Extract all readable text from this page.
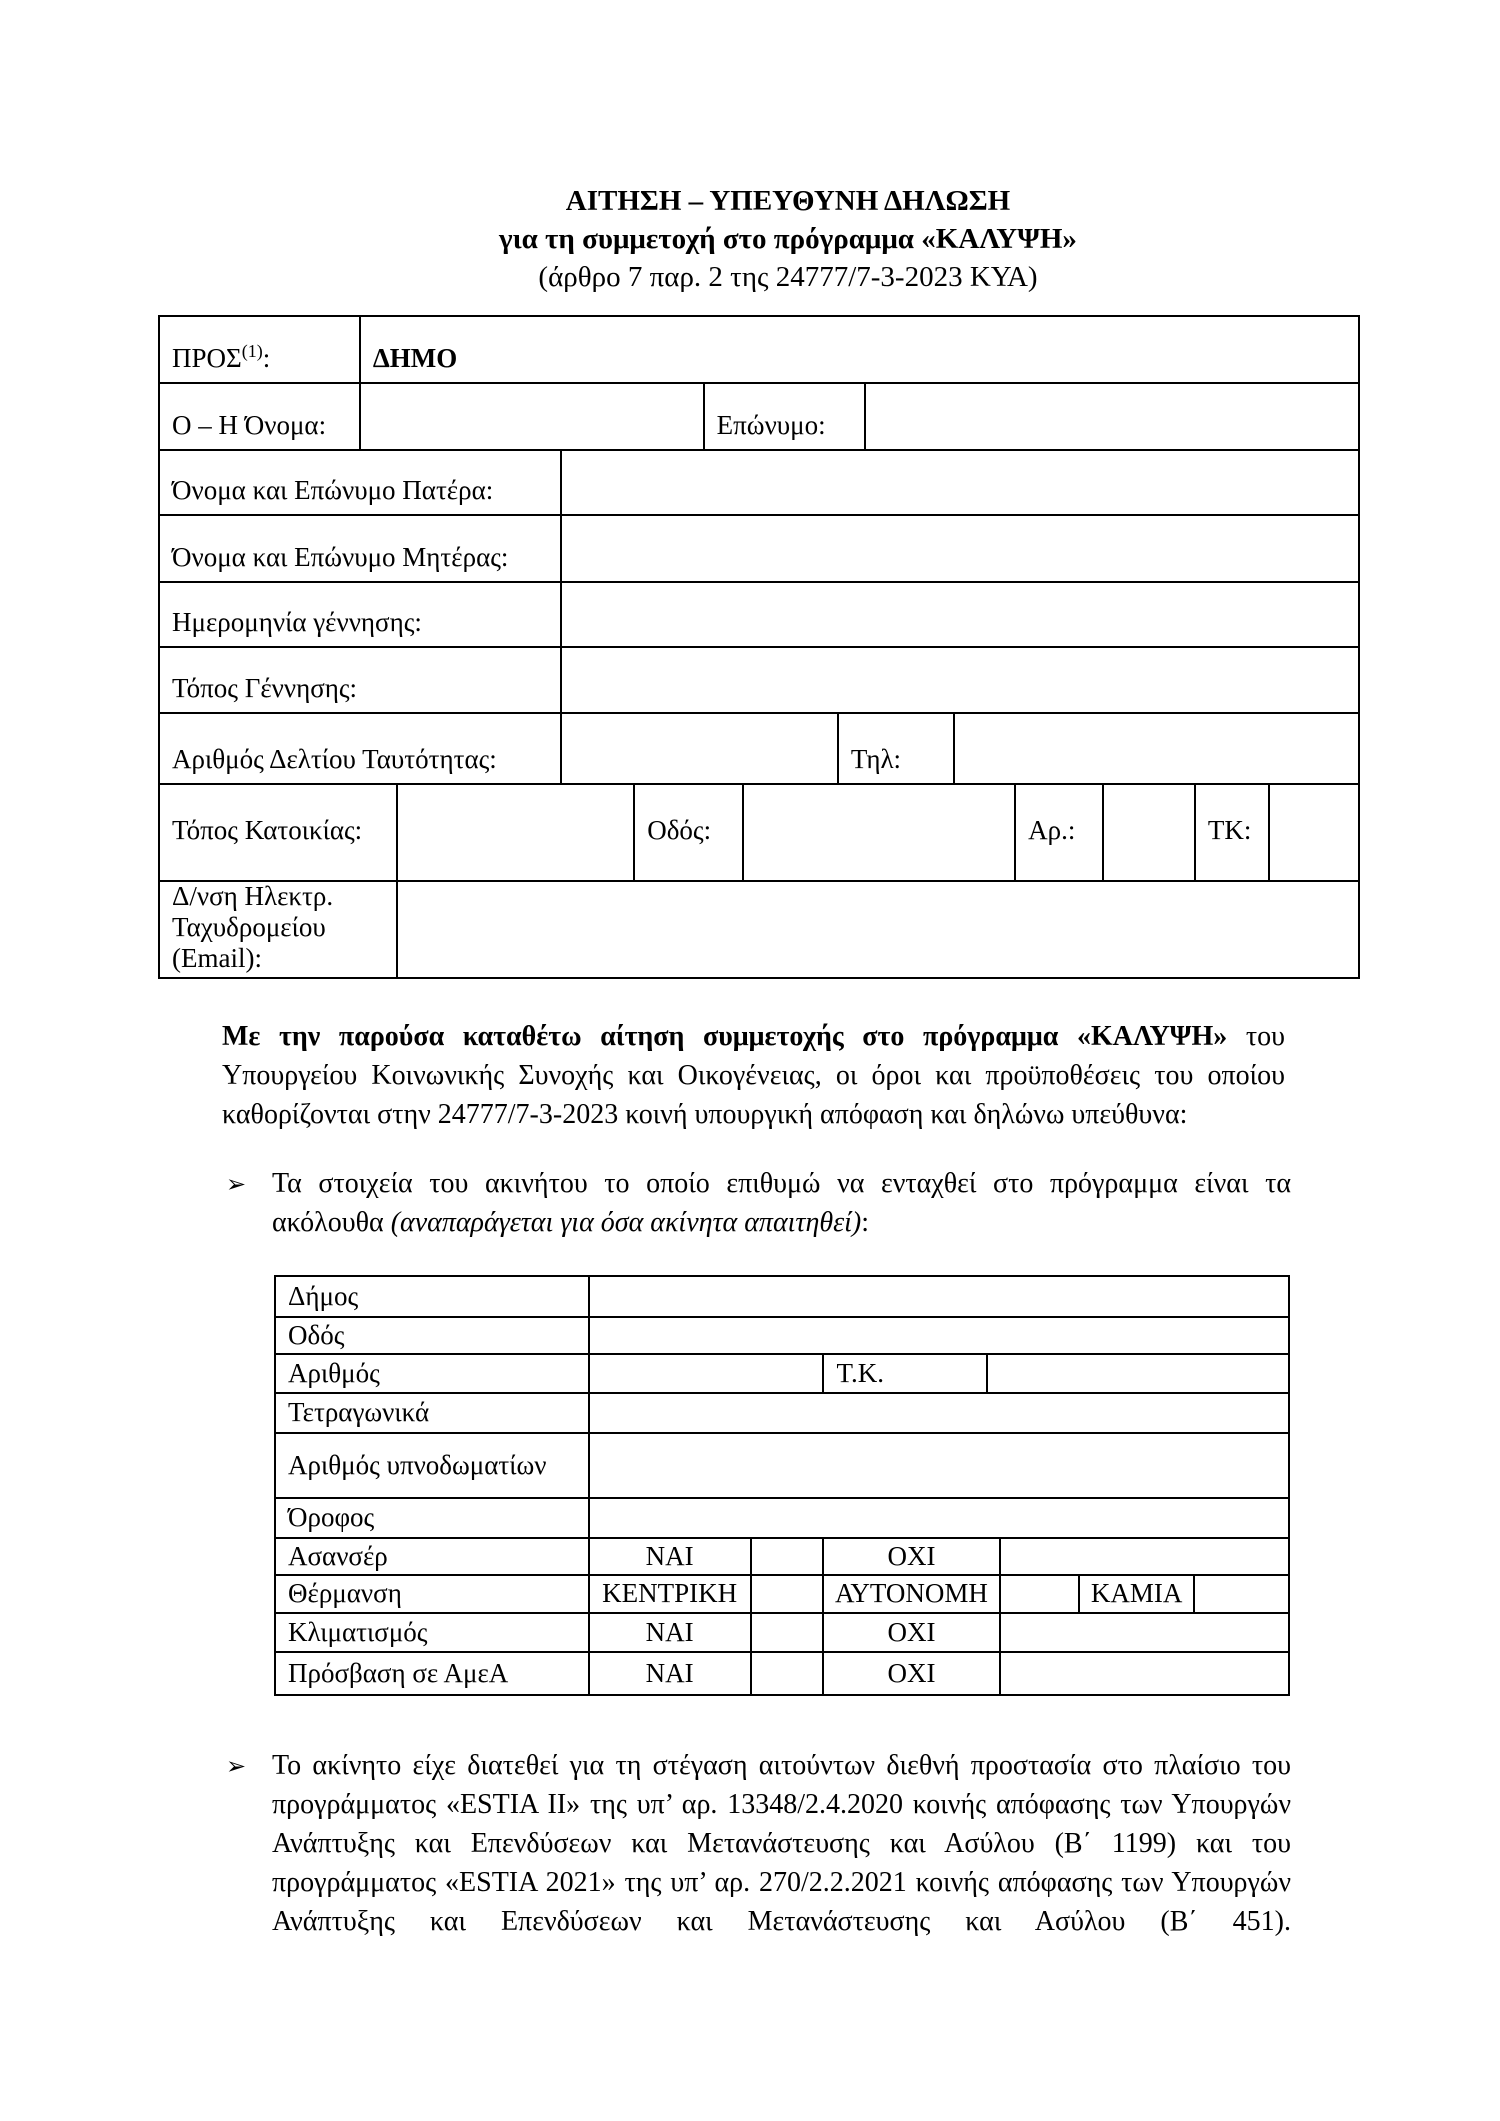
ΑΙΤΗΣΗ – ΥΠΕΥΘΥΝΗ ΔΗΛΩΣΗ
για τη συμμετοχή στο πρόγραμμα «ΚΑΛΥΨΗ»
(άρθρο 7 παρ. 2 της 24777/7-3-2023 ΚΥΑ)
ΠΡΟΣ$^{(1)}$:	ΔΗΜΟ
Ο – Η Όνομα:	Επώνυμο:
Όνομα και Επώνυμο Πατέρα:
Όνομα και Επώνυμο Μητέρας:
Ημερομηνία γέννησης:
Τόπος Γέννησης:
Αριθμός Δελτίου Ταυτότητας:	Τηλ:
Τόπος Κατοικίας:	Οδός:	Αρ.:	ΤΚ:
Δ/νση Ηλεκτρ. Ταχυδρομείου (Email):

Με την παρούσα καταθέτω αίτηση συμμετοχής στο πρόγραμμα «ΚΑΛΥΨΗ» του Υπουργείου Κοινωνικής Συνοχής και Οικογένειας, οι όροι και προϋποθέσεις του οποίου καθορίζονται στην 24777/7-3-2023 κοινή υπουργική απόφαση και δηλώνω υπεύθυνα:

➢ Τα στοιχεία του ακινήτου το οποίο επιθυμώ να ενταχθεί στο πρόγραμμα είναι τα ακόλουθα (αναπαράγεται για όσα ακίνητα απαιτηθεί):
Δήμος
Οδός
Αριθμός	Τ.Κ.
Τετραγωνικά
Αριθμός υπνοδωματίων
Όροφος
Ασανσέρ	ΝΑΙ	ΟΧΙ
Θέρμανση	ΚΕΝΤΡΙΚΗ	ΑΥΤΟΝΟΜΗ	ΚΑΜΙΑ
Κλιματισμός	ΝΑΙ	ΟΧΙ
Πρόσβαση σε ΑμεΑ	ΝΑΙ	ΟΧΙ
➢ Το ακίνητο είχε διατεθεί για τη στέγαση αιτούντων διεθνή προστασία στο πλαίσιο του προγράμματος «ESTIA II» της υπ’ αρ. 13348/2.4.2020 κοινής απόφασης των Υπουργών Ανάπτυξης και Επενδύσεων και Μετανάστευσης και Ασύλου (Β΄ 1199) και του προγράμματος «ESTIA 2021» της υπ’ αρ. 270/2.2.2021 κοινής απόφασης των Υπουργών Ανάπτυξης και Επενδύσεων και Μετανάστευσης και Ασύλου (Β΄ 451).
